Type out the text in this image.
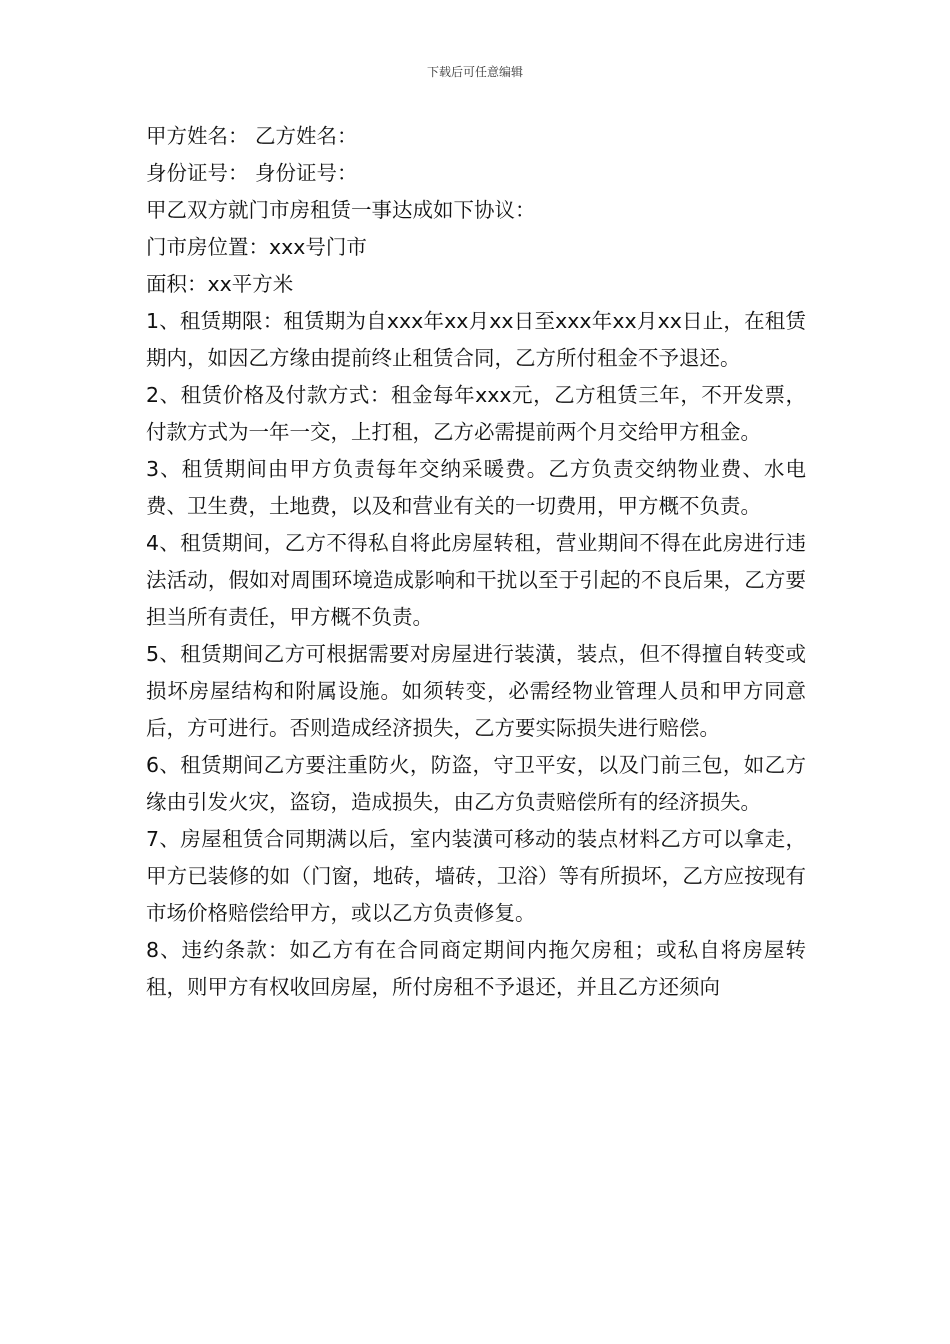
下载后可任意编辑

甲方姓名： 乙方姓名：

身份证号： 身份证号：

甲乙双方就门市房租赁一事达成如下协议：

门市房位置：xxx号门市

面积：xx平方米

1、租赁期限：租赁期为自xxx年xx月xx日至xxx年xx月xx日止，在租赁期内，如因乙方缘由提前终止租赁合同，乙方所付租金不予退还。

2、租赁价格及付款方式：租金每年xxx元，乙方租赁三年，不开发票，付款方式为一年一交，上打租，乙方必需提前两个月交给甲方租金。

3、租赁期间由甲方负责每年交纳采暖费。乙方负责交纳物业费、水电费、卫生费，土地费，以及和营业有关的一切费用，甲方概不负责。

4、租赁期间，乙方不得私自将此房屋转租，营业期间不得在此房进行违法活动，假如对周围环境造成影响和干扰以至于引起的不良后果，乙方要担当所有责任，甲方概不负责。

5、租赁期间乙方可根据需要对房屋进行装潢，装点，但不得擅自转变或损坏房屋结构和附属设施。如须转变，必需经物业管理人员和甲方同意后，方可进行。否则造成经济损失，乙方要实际损失进行赔偿。

6、租赁期间乙方要注重防火，防盗，守卫平安，以及门前三包，如乙方缘由引发火灾，盗窃，造成损失，由乙方负责赔偿所有的经济损失。

7、房屋租赁合同期满以后，室内装潢可移动的装点材料乙方可以拿走，甲方已装修的如（门窗，地砖，墙砖，卫浴）等有所损坏，乙方应按现有市场价格赔偿给甲方，或以乙方负责修复。

8、违约条款：如乙方有在合同商定期间内拖欠房租；或私自将房屋转租，则甲方有权收回房屋，所付房租不予退还，并且乙方还须向
